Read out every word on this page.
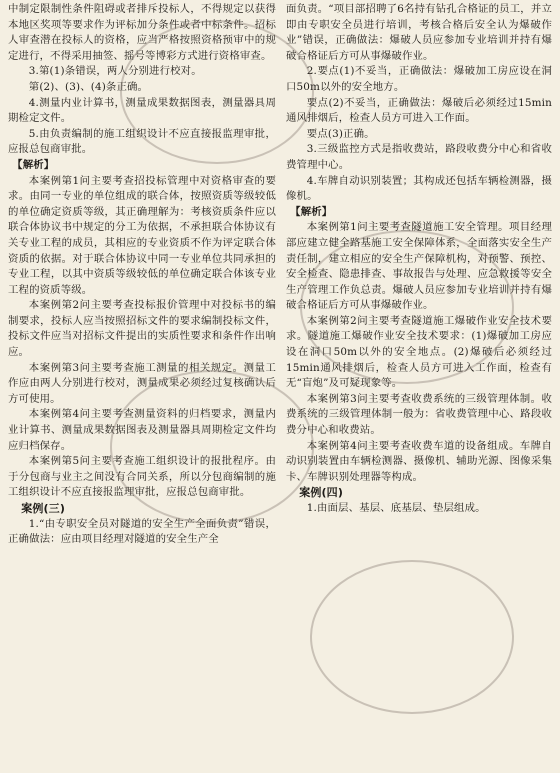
中制定限制性条件阻碍或者排斥投标人，不得规定以获得本地区奖项等要求作为评标加分条件或者中标条件。招标人审查潜在投标人的资格，应当严格按照资格预审中的规定进行，不得采用抽签、摇号等博彩方式进行资格审查。

3.第(1)条错误，两人分别进行校对。

第(2)、(3)、(4)条正确。

4.测量内业计算书，测量成果数据图表，测量器具周期检定文件。

5.由负责编制的施工组织设计不应直接报监理审批，应报总包商审批。

【解析】

本案例第1问主要考查招投标管理中对资格审查的要求。由同一专业的单位组成的联合体，按照资质等级较低的单位确定资质等级，其正确理解为：考核资质条件应以联合体协议书中规定的分工为依据，不承担联合体协议有关专业工程的成员，其相应的专业资质不作为评定联合体资质的依据。对于联合体协议中同一专业单位共同承担的专业工程，以其中资质等级较低的单位确定联合体该专业工程的资质等级。

本案例第2问主要考查投标报价管理中对投标书的编制要求，投标人应当按照招标文件的要求编制投标文件，投标文件应当对招标文件提出的实质性要求和条件作出响应。

本案例第3问主要考查施工测量的相关规定。测量工作应由两人分别进行校对，测量成果必须经过复核确认后方可使用。

本案例第4问主要考查测量资料的归档要求，测量内业计算书、测量成果数据图表及测量器具周期检定文件均应归档保存。

本案例第5问主要考查施工组织设计的报批程序。由于分包商与业主之间没有合同关系，所以分包商编制的施工组织设计不应直接报监理审批，应报总包商审批。

案例(三)

1.“由专职安全员对隧道的安全生产全面负责”错误，正确做法：应由项目经理对隧道的安全生产全

面负责。“项目部招聘了6名持有钻孔合格证的员工，并立即由专职安全员进行培训，考核合格后安全认为爆破作业”错误，正确做法：爆破人员应参加专业培训并持有爆破合格证后方可从事爆破作业。

2.要点(1)不妥当，正确做法：爆破加工房应设在洞口50m以外的安全地方。

要点(2)不妥当，正确做法：爆破后必须经过15min通风排烟后，检查人员方可进入工作面。

要点(3)正确。

3.三级监控方式是指收费站，路段收费分中心和省收费管理中心。

4.车牌自动识别装置；其构成还包括车辆检测器，摄像机。

【解析】

本案例第1问主要考查隧道施工安全管理。项目经理部应建立健全路基施工安全保障体系，全面落实安全生产责任制，建立相应的安全生产保障机构，对预警、预控、安全检查、隐患排查、事故报告与处理、应急救援等安全生产管理工作负总责。爆破人员应参加专业培训并持有爆破合格证后方可从事爆破作业。

本案例第2问主要考查隧道施工爆破作业安全技术要求。隧道施工爆破作业安全技术要求：(1)爆破加工房应设在洞口50m以外的安全地点。(2)爆破后必须经过15min通风排烟后，检查人员方可进入工作面，检查有无“盲炮”及可疑现象等。

本案例第3问主要考查收费系统的三级管理体制。收费系统的三级管理体制一般为：省收费管理中心、路段收费分中心和收费站。

本案例第4问主要考查收费车道的设备组成。车牌自动识别装置由车辆检测器、摄像机、辅助光源、图像采集卡、车牌识别处理器等构成。

案例(四)

1.由面层、基层、底基层、垫层组成。
